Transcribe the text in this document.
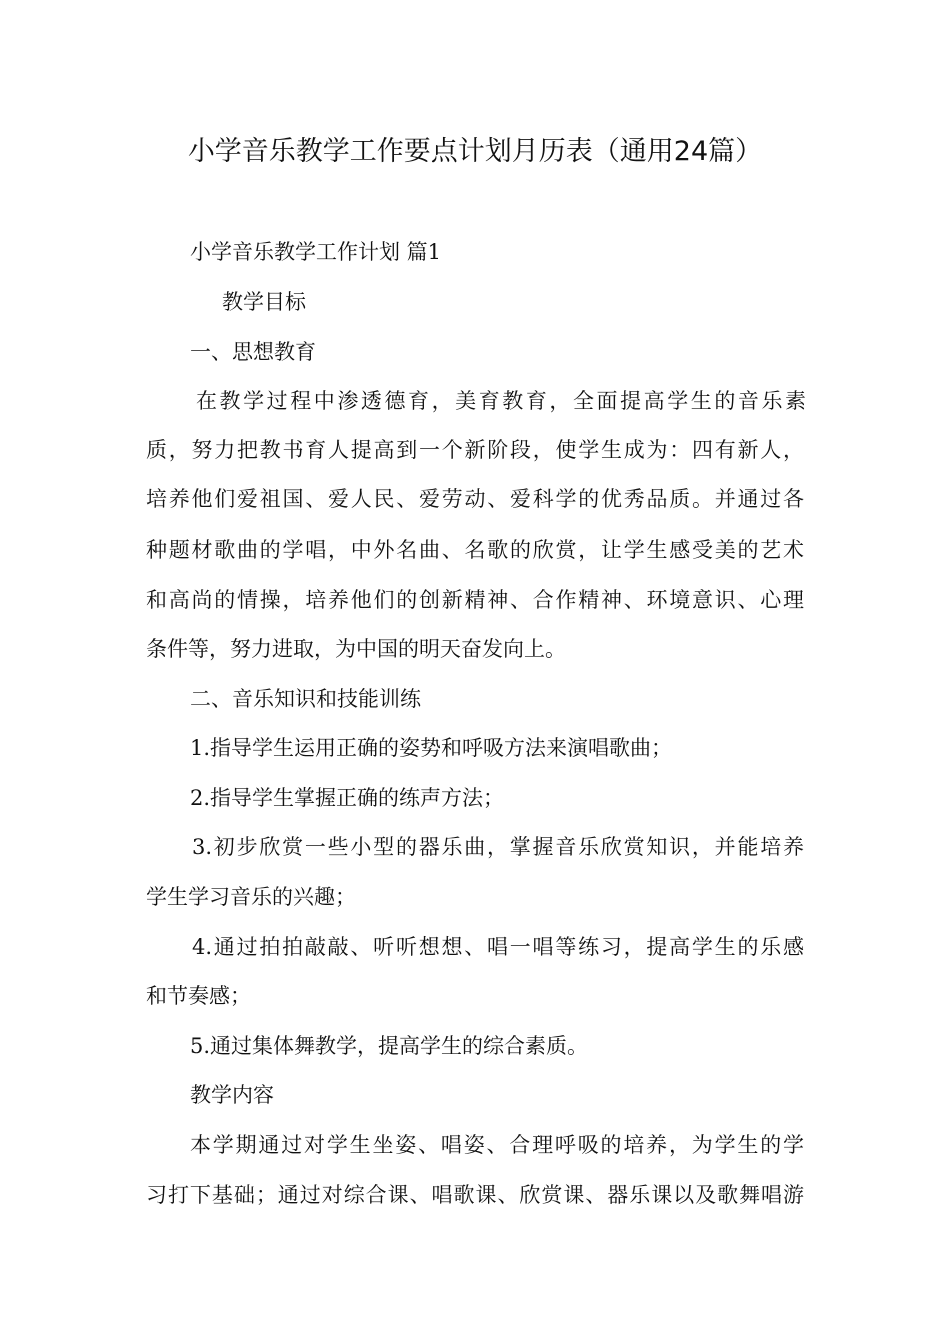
小学音乐教学工作要点计划月历表（通用24篇）
小学音乐教学工作计划 篇1
教学目标
一、思想教育
在教学过程中渗透德育，美育教育，全面提高学生的音乐素
质，努力把教书育人提高到一个新阶段，使学生成为：四有新人，
培养他们爱祖国、爱人民、爱劳动、爱科学的优秀品质。并通过各
种题材歌曲的学唱，中外名曲、名歌的欣赏，让学生感受美的艺术
和高尚的情操，培养他们的创新精神、合作精神、环境意识、心理
条件等，努力进取，为中国的明天奋发向上。
二、音乐知识和技能训练
1.指导学生运用正确的姿势和呼吸方法来演唱歌曲；
2.指导学生掌握正确的练声方法；
3.初步欣赏一些小型的器乐曲，掌握音乐欣赏知识，并能培养
学生学习音乐的兴趣；
4.通过拍拍敲敲、听听想想、唱一唱等练习，提高学生的乐感
和节奏感；
5.通过集体舞教学，提高学生的综合素质。
教学内容
本学期通过对学生坐姿、唱姿、合理呼吸的培养，为学生的学
习打下基础；通过对综合课、唱歌课、欣赏课、器乐课以及歌舞唱游
